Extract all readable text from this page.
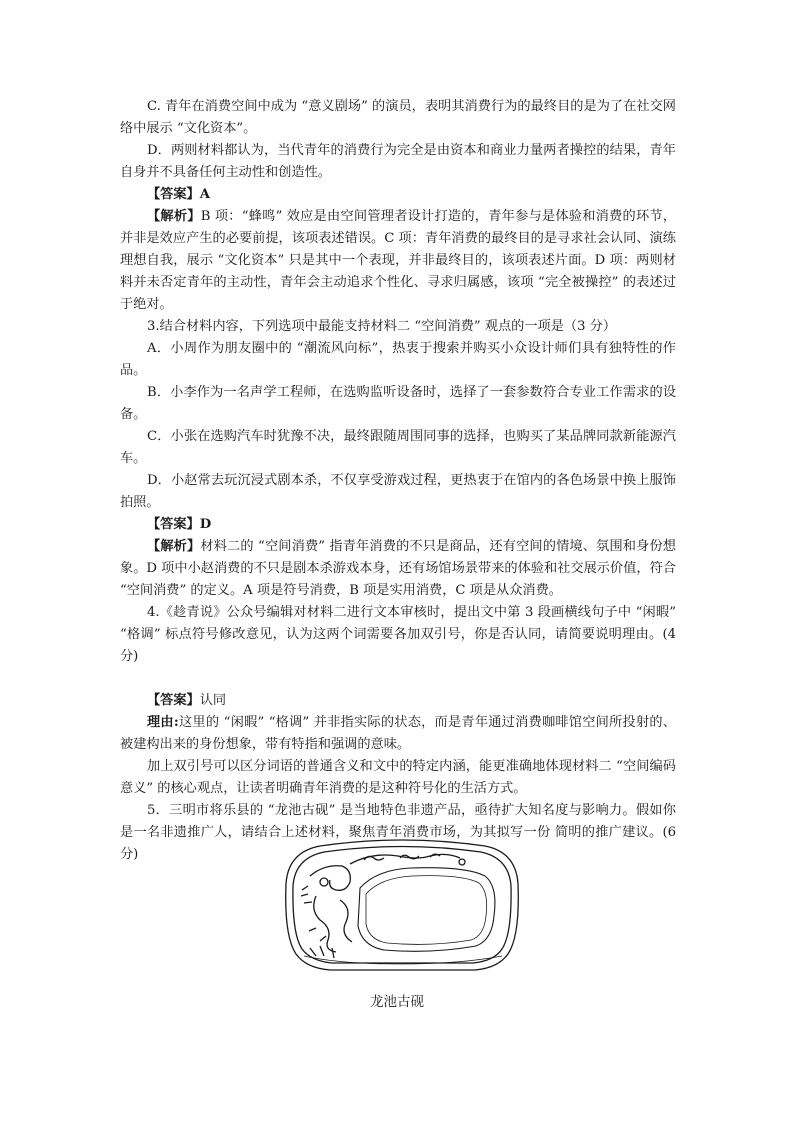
C. 青年在消费空间中成为 “意义剧场” 的演员，表明其消费行为的最终目的是为了在社交网络中展示 “文化资本”。

D．两则材料都认为，当代青年的消费行为完全是由资本和商业力量两者操控的结果，青年自身并不具备任何主动性和创造性。

【答案】A

【解析】B 项：“蜂鸣” 效应是由空间管理者设计打造的，青年参与是体验和消费的环节，并非是效应产生的必要前提，该项表述错误。C 项：青年消费的最终目的是寻求社会认同、演练理想自我，展示 “文化资本” 只是其中一个表现，并非最终目的，该项表述片面。D 项：两则材料并未否定青年的主动性，青年会主动追求个性化、寻求归属感，该项 “完全被操控” 的表述过于绝对。

3.结合材料内容，下列选项中最能支持材料二 “空间消费” 观点的一项是（3 分）

A．小周作为朋友圈中的 “潮流风向标”，热衷于搜索并购买小众设计师们具有独特性的作品。

B．小李作为一名声学工程师，在选购监听设备时，选择了一套参数符合专业工作需求的设备。

C．小张在选购汽车时犹豫不决，最终跟随周围同事的选择，也购买了某品牌同款新能源汽车。

D．小赵常去玩沉浸式剧本杀，不仅享受游戏过程，更热衷于在馆内的各色场景中换上服饰拍照。

【答案】D

【解析】材料二的 “空间消费” 指青年消费的不只是商品，还有空间的情境、氛围和身份想象。D 项中小赵消费的不只是剧本杀游戏本身，还有场馆场景带来的体验和社交展示价值，符合 “空间消费” 的定义。A 项是符号消费，B 项是实用消费，C 项是从众消费。

4.《趁青说》公众号编辑对材料二进行文本审核时，提出文中第 3 段画横线句子中 “闲暇” “格调” 标点符号修改意见，认为这两个词需要各加双引号，你是否认同，请简要说明理由。(4 分)

【答案】认同

理由:这里的 “闲暇” “格调” 并非指实际的状态，而是青年通过消费咖啡馆空间所投射的、被建构出来的身份想象，带有特指和强调的意味。

加上双引号可以区分词语的普通含义和文中的特定内涵，能更准确地体现材料二 “空间编码意义” 的核心观点，让读者明确青年消费的是这种符号化的生活方式。

5．三明市将乐县的 “龙池古砚” 是当地特色非遗产品，亟待扩大知名度与影响力。假如你是一名非遗推广人，请结合上述材料，聚焦青年消费市场，为其拟写一份 简明的推广建议。(6 分)

龙池古砚
